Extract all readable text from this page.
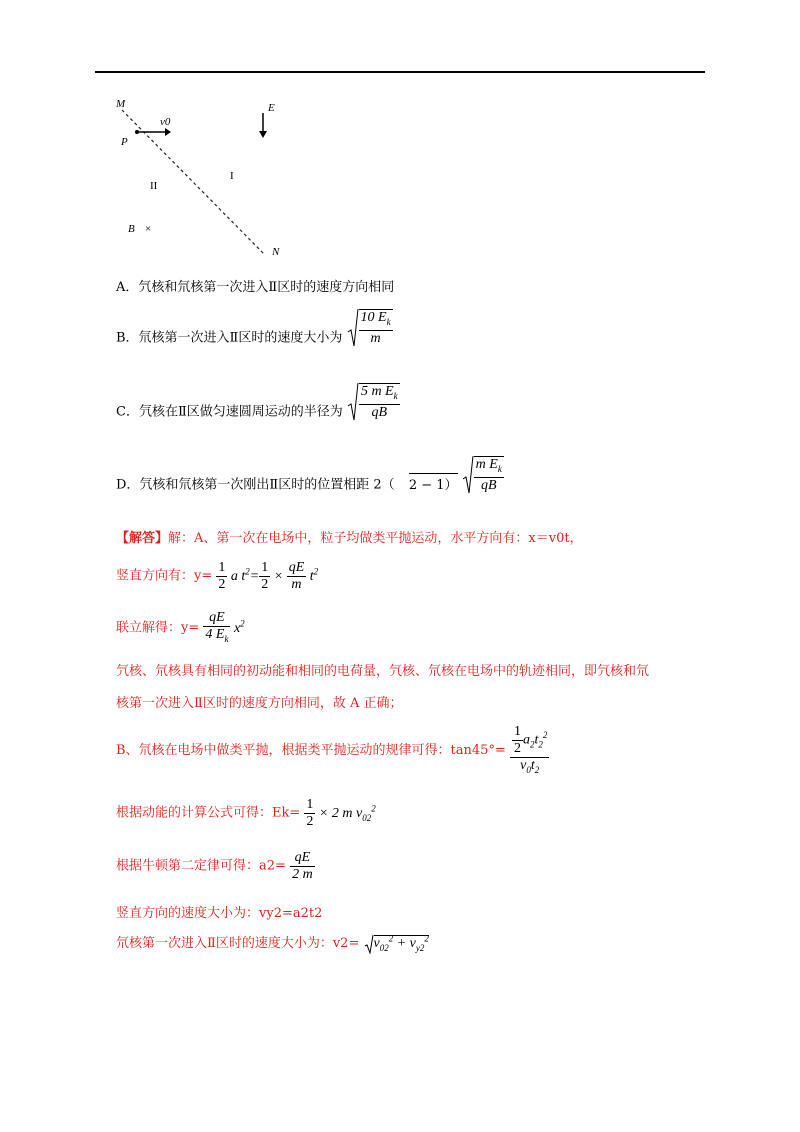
M
P
v0
E
I
II
B ×
N
A．氕核和氘核第一次进入Ⅱ区时的速度方向相同
B．氘核第一次进入Ⅱ区时的速度大小为 $\frac{10 E_k}{m}$
C．氕核在Ⅱ区做匀速圆周运动的半径为 $\frac{5 m E_k}{qB}$
D．氕核和氘核第一次刚出Ⅱ区时的位置相距 2（ $2 - 1) \frac{m E_k}{qB}$
【解答】解：A、第一次在电场中，粒子均做类平抛运动，水平方向有：x＝v0t，
竖直方向有：$y= \frac{1}{2}$ a $t^2= \frac{1}{2} \times \frac{qE}{m} t^2$
联立解得：$y= \frac{qE}{4 E_k} x^2$
氕核、氘核具有相同的初动能和相同的电荷量，氕核、氘核在电场中的轨迹相同，即氕核和氘
核第一次进入Ⅱ区时的速度方向相同，故 A 正确；
B、氘核在电场中做类平抛，根据类平抛运动的规律可得：$\tan 45^\circ= \frac{\frac{1}{2} a_2t_2^2}{v_0t_2}$
根据动能的计算公式可得：$Ek= \frac{1}{2} \times 2$ m $v_{02}^2$
根据牛顿第二定律可得：$a2= \frac{qE}{2 m}$
竖直方向的速度大小为：vy2=a2t2
氘核第一次进入Ⅱ区时的速度大小为：$v2= v_{02}^2 + v_{y2}^2$
